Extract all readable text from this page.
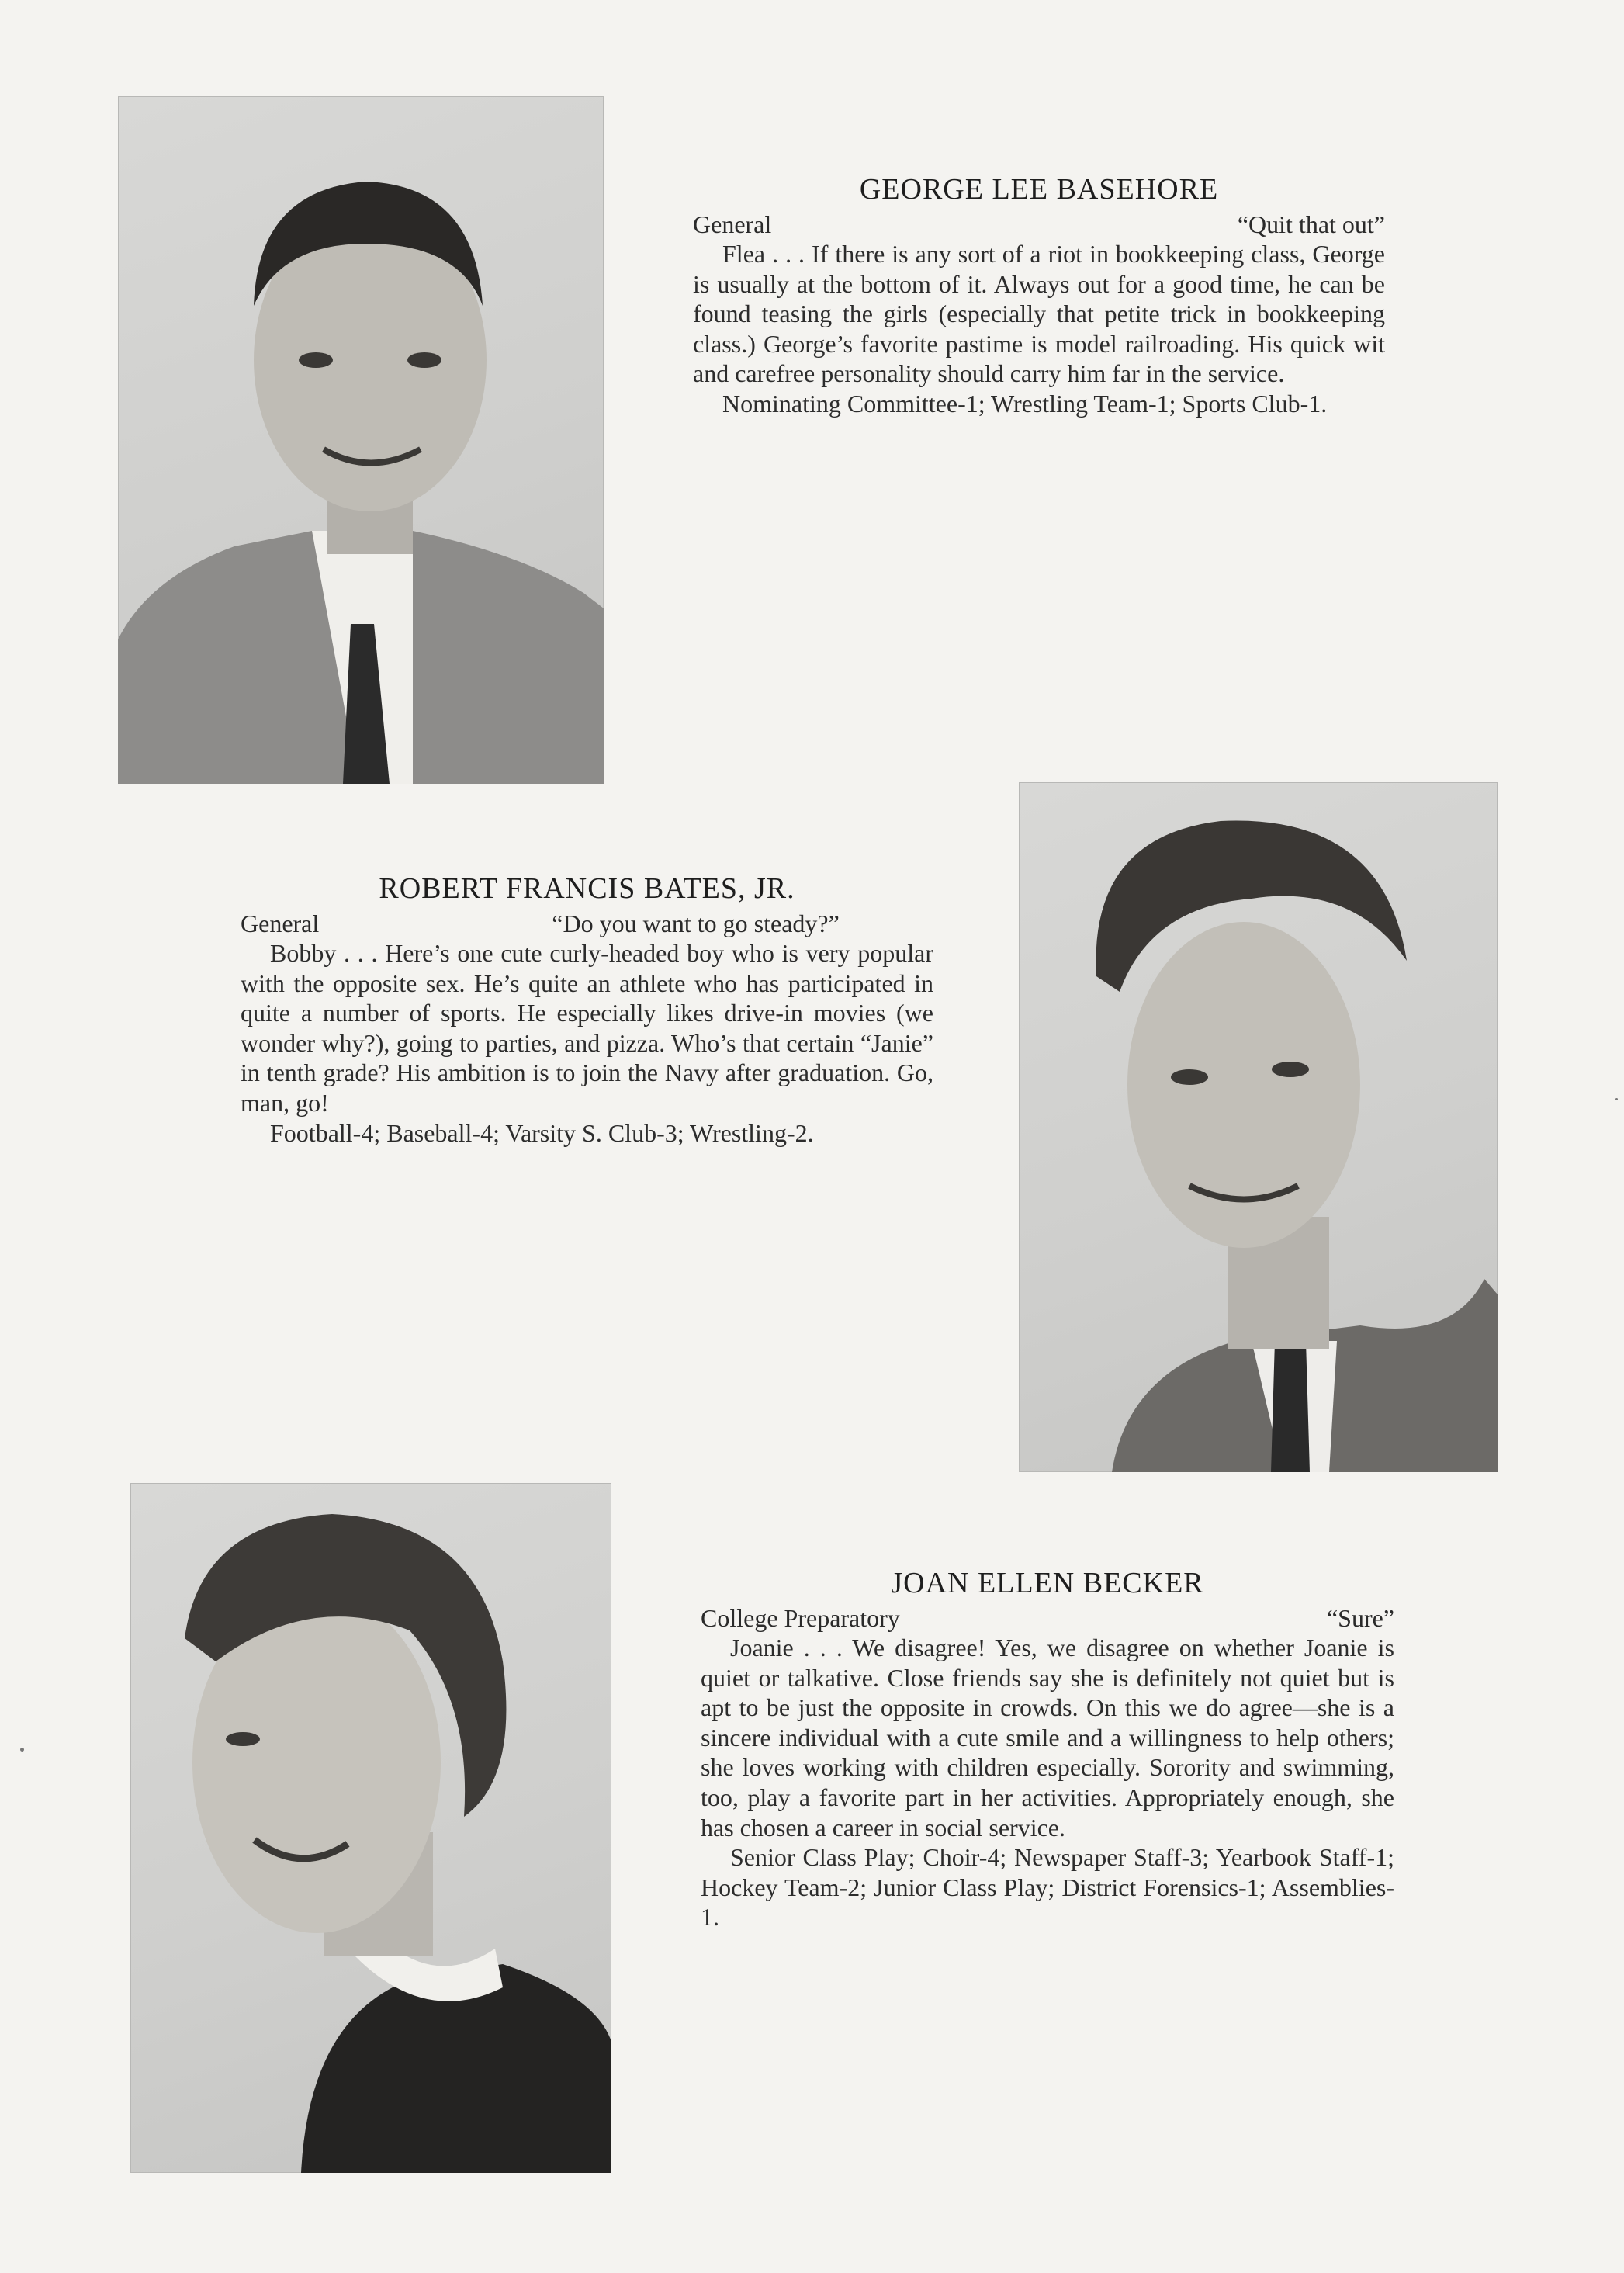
GEORGE LEE BASEHORE
General	“Quit that out”

Flea . . . If there is any sort of a riot in bookkeeping class, George is usually at the bottom of it. Always out for a good time, he can be found teasing the girls (especially that petite trick in bookkeeping class.) George’s favorite pastime is model railroading. His quick wit and carefree personality should carry him far in the service.

Nominating Committee-1; Wrestling Team-1; Sports Club-1.

ROBERT FRANCIS BATES, JR.
General	“Do you want to go steady?”

Bobby . . . Here’s one cute curly-headed boy who is very popular with the opposite sex. He’s quite an athlete who has participated in quite a number of sports. He especially likes drive-in movies (we wonder why?), going to parties, and pizza. Who’s that certain “Janie” in tenth grade? His ambition is to join the Navy after graduation. Go, man, go!

Football-4; Baseball-4; Varsity S. Club-3; Wrestling-2.

JOAN ELLEN BECKER
College Preparatory	“Sure”

Joanie . . . We disagree! Yes, we disagree on whether Joanie is quiet or talkative. Close friends say she is definitely not quiet but is apt to be just the opposite in crowds. On this we do agree—she is a sincere individual with a cute smile and a willingness to help others; she loves working with children especially. Sorority and swimming, too, play a favorite part in her activities. Appropriately enough, she has chosen a career in social service.

Senior Class Play; Choir-4; Newspaper Staff-3; Yearbook Staff-1; Hockey Team-2; Junior Class Play; District Forensics-1; Assemblies-1.
